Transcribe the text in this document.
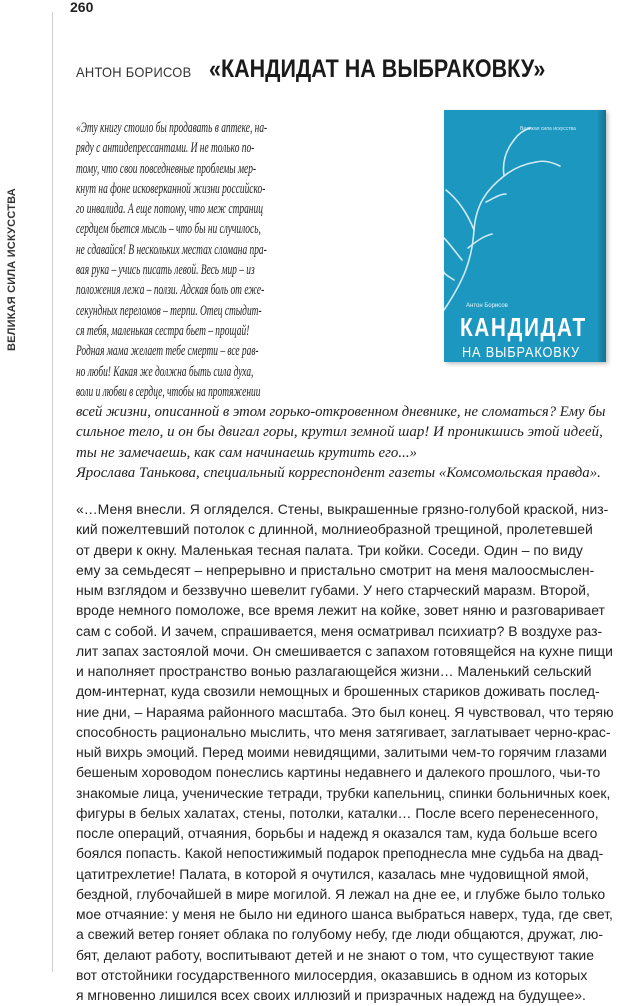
260
ВЕЛИКАЯ СИЛА ИСКУССТВА
АНТОН БОРИСОВ «КАНДИДАТ НА ВЫБРАКОВКУ»
Великая сила искусства
Антон Борисов
КАНДИДАТ
НА ВЫБРАКОВКУ
«Эту книгу стоило бы продавать в аптеке, на-
ряду с антидепрессантами. И не только по-
тому, что свои повседневные проблемы мер-
кнут на фоне исковерканной жизни российско-
го инвалида. А еще потому, что меж страниц
сердцем бьется мысль – что бы ни случилось,
не сдавайся! В нескольких местах сломана пра-
вая рука – учись писать левой. Весь мир – из
положения лежа – ползи. Адская боль от еже-
секундных переломов – терпи. Отец стыдит-
ся тебя, маленькая сестра бьет – прощай!
Родная мама желает тебе смерти – все рав-
но люби! Какая же должна быть сила духа,
воли и любви в сердце, чтобы на протяжении
всей жизни, описанной в этом горько-откровенном дневнике, не сломаться? Ему бы
сильное тело, и он бы двигал горы, крутил земной шар! И проникшись этой идеей,
ты не замечаешь, как сам начинаешь крутить его...»
Ярослава Танькова, специальный корреспондент газеты «Комсомольская правда».
«…Меня внесли. Я огляделся. Стены, выкрашенные грязно-голубой краской, низ-
кий пожелтевший потолок с длинной, молниеобразной трещиной, пролетевшей
от двери к окну. Маленькая тесная палата. Три койки. Соседи. Один – по виду
ему за семьдесят – непрерывно и пристально смотрит на меня малоосмыслен-
ным взглядом и беззвучно шевелит губами. У него старческий маразм. Второй,
вроде немного помоложе, все время лежит на койке, зовет няню и разговаривает
сам с собой. И зачем, спрашивается, меня осматривал психиатр? В воздухе раз-
лит запах застоялой мочи. Он смешивается с запахом готовящейся на кухне пищи
и наполняет пространство вонью разлагающейся жизни… Маленький сельский
дом-интернат, куда свозили немощных и брошенных стариков доживать послед-
ние дни, – Нараяма районного масштаба. Это был конец. Я чувствовал, что теряю
способность рационально мыслить, что меня затягивает, заглатывает черно-крас-
ный вихрь эмоций. Перед моими невидящими, залитыми чем-то горячим глазами
бешеным хороводом понеслись картины недавнего и далекого прошлого, чьи-то
знакомые лица, ученические тетради, трубки капельниц, спинки больничных коек,
фигуры в белых халатах, стены, потолки, каталки… После всего перенесенного,
после операций, отчаяния, борьбы и надежд я оказался там, куда больше всего
боялся попасть. Какой непостижимый подарок преподнесла мне судьба на двад-
цатитрехлетие! Палата, в которой я очутился, казалась мне чудовищной ямой,
бездной, глубочайшей в мире могилой. Я лежал на дне ее, и глубже было только
мое отчаяние: у меня не было ни единого шанса выбраться наверх, туда, где свет,
а свежий ветер гоняет облака по голубому небу, где люди общаются, дружат, лю-
бят, делают работу, воспитывают детей и не знают о том, что существуют такие
вот отстойники государственного милосердия, оказавшись в одном из которых
я мгновенно лишился всех своих иллюзий и призрачных надежд на будущее».
